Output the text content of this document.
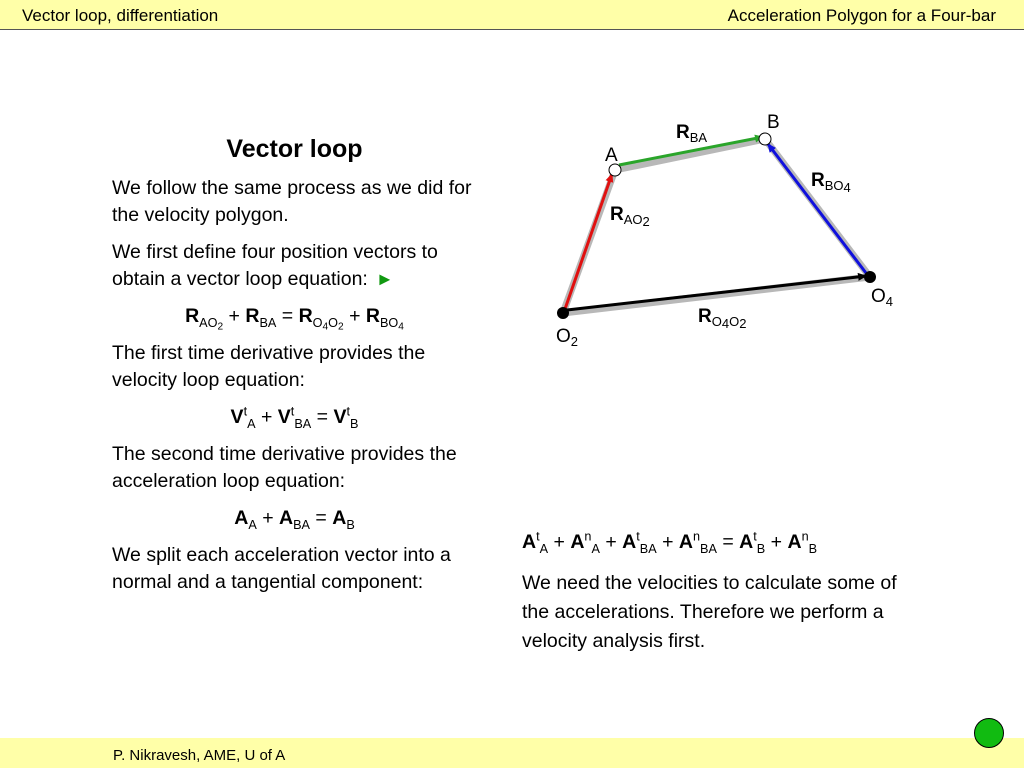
Vector loop, differentiation	Acceleration Polygon for a Four-bar
Vector loop

We follow the same process as we did for the velocity polygon.

We first define four position vectors to obtain a vector loop equation: ►

$R_{AO_2} + R_{BA} = R_{O_4O_2} + R_{BO_4}$

The first time derivative provides the velocity loop equation:

$V^t_A + V^t_{BA} = V^t_B$

The second time derivative provides the acceleration loop equation:

$A_A + A_{BA} = A_B$

We split each acceleration vector into a normal and a tangential component:

$A^t_A + A^n_A + A^t_{BA} + A^n_{BA} = A^t_B + A^n_B$

We need the velocities to calculate some of the accelerations. Therefore we perform a velocity analysis first.

A
B
$O_2$
$O_4$
$R_{BA}$
$R_{BO}4$
$R_{AO}2$
$R_O4O2$
P. Nikravesh, AME, U of A
